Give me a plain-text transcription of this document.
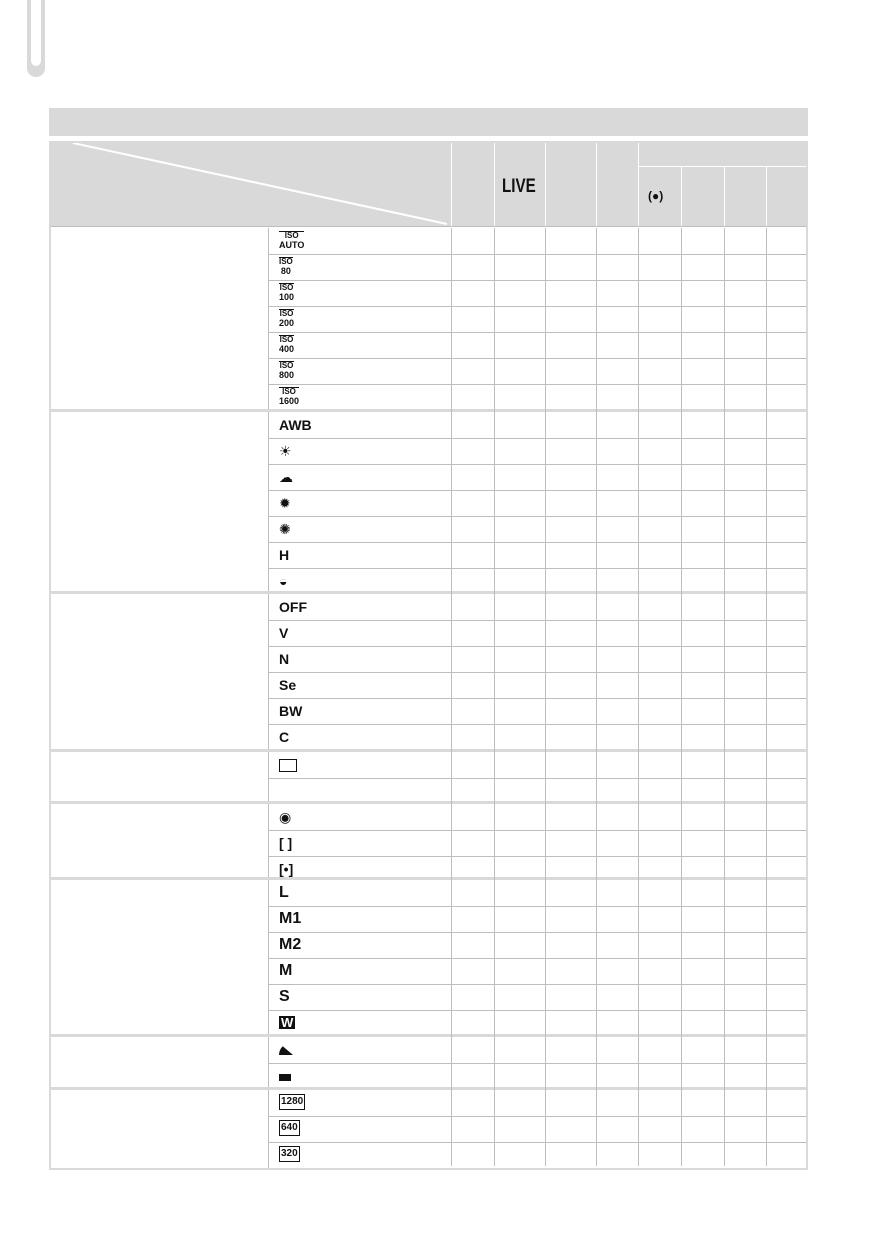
LIVE	(●)
ISO
AUTO
ISO
80
ISO
100
ISO
200
ISO
400
ISO
800
ISO
1600
AWB
☀
☁
✹
✺
H
◒
OFF
V
N
Se
BW
C
◉
[ ]
[•]
L
M1
M2
M
S
W
1280
640
320
